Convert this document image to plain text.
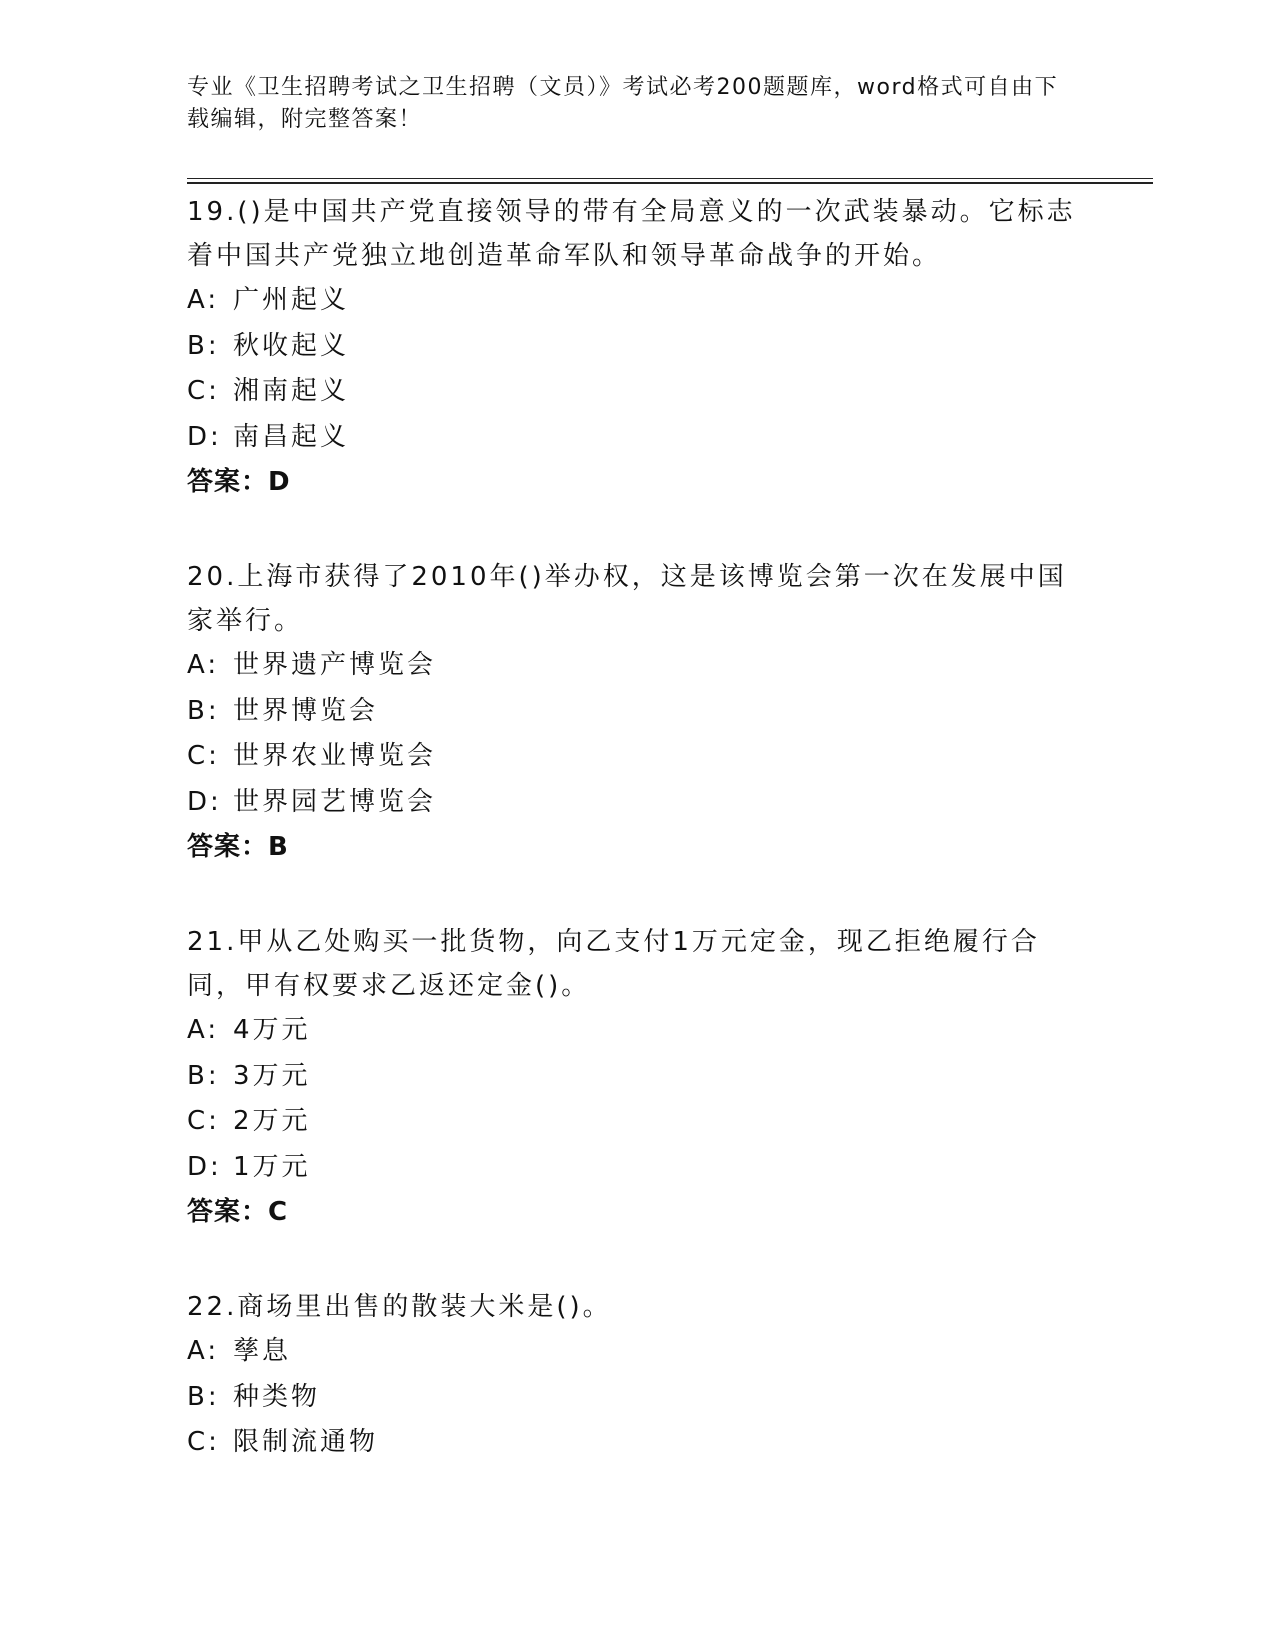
专业《卫生招聘考试之卫生招聘（文员）》考试必考200题题库，word格式可自由下载编辑，附完整答案！
19.()是中国共产党直接领导的带有全局意义的一次武装暴动。它标志着中国共产党独立地创造革命军队和领导革命战争的开始。
A: 广州起义
B: 秋收起义
C: 湘南起义
D: 南昌起义
答案：D
20.上海市获得了2010年()举办权，这是该博览会第一次在发展中国家举行。
A: 世界遗产博览会
B: 世界博览会
C: 世界农业博览会
D: 世界园艺博览会
答案：B
21.甲从乙处购买一批货物，向乙支付1万元定金，现乙拒绝履行合同，甲有权要求乙返还定金()。
A: 4万元
B: 3万元
C: 2万元
D: 1万元
答案：C
22.商场里出售的散装大米是()。
A: 孳息
B: 种类物
C: 限制流通物
